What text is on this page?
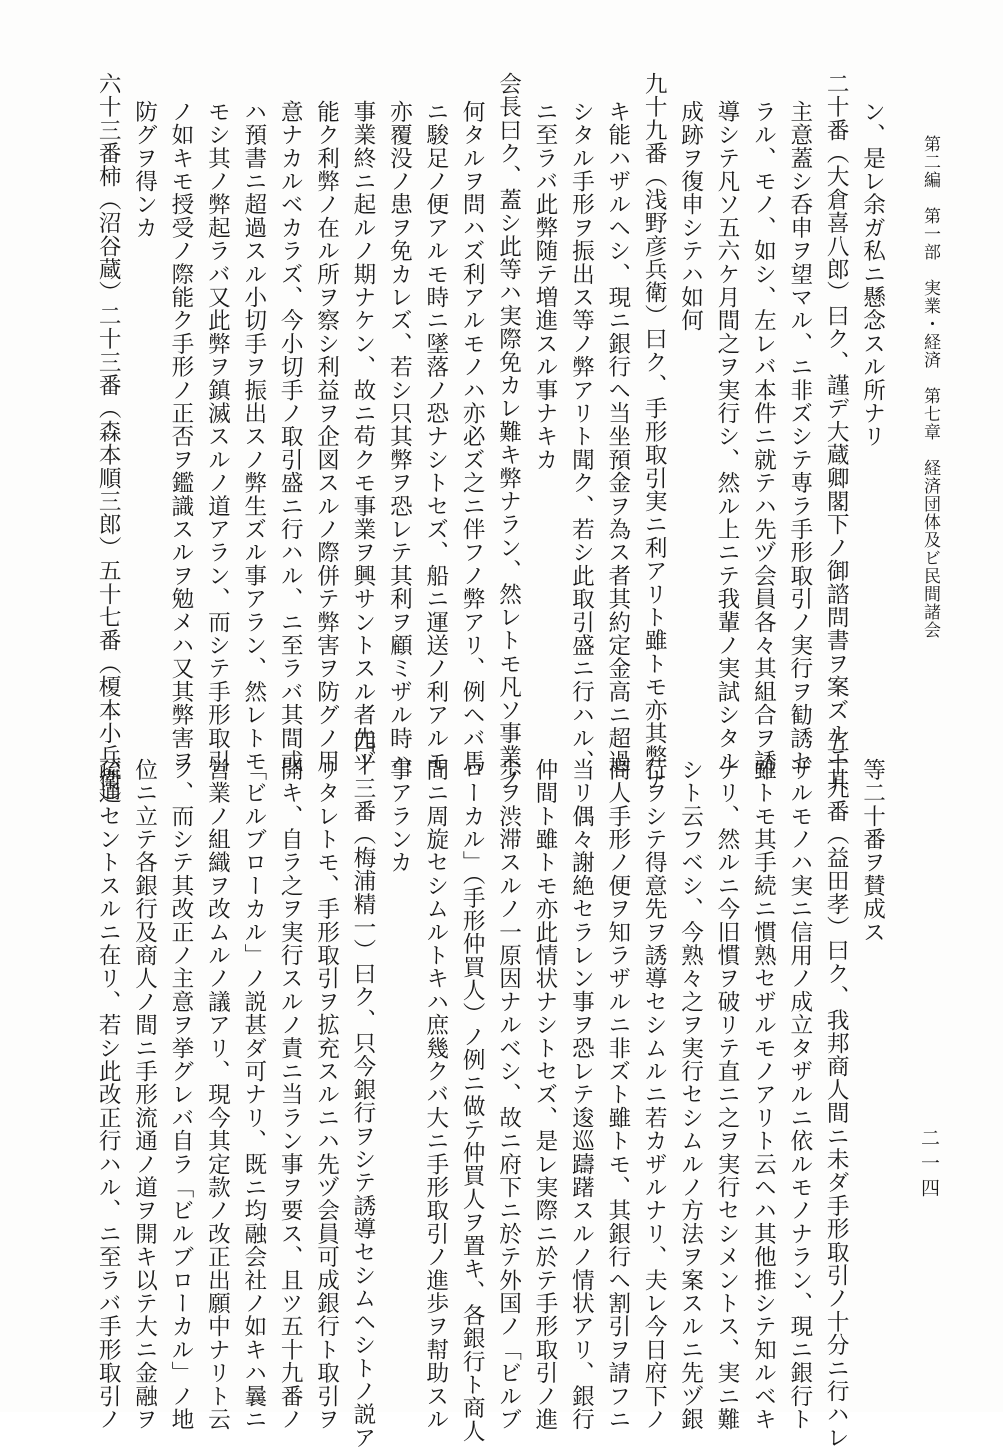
第二編　第一部　実業・経済　第七章　経済団体及ビ民間諸会
二一四
ン、是レ余ガ私ニ懸念スル所ナリ
二十番（大倉喜八郎）曰ク、謹デ大蔵卿閣下ノ御諮問書ヲ案ズルニ其
主意蓋シ呑申ヲ望マル、ニ非ズシテ専ラ手形取引ノ実行ヲ勧誘セ
ラル、モノ、如シ、左レバ本件ニ就テハ先ヅ会員各々其組合ヲ誘
導シテ凡ソ五六ケ月間之ヲ実行シ、然ル上ニテ我輩ノ実試シタル
成跡ヲ復申シテハ如何
九十九番（浅野彦兵衛）曰ク、手形取引実ニ利アリト雖トモ亦其弊ナ
キ能ハザルヘシ、現ニ銀行ヘ当坐預金ヲ為ス者其約定金高ニ超過
シタル手形ヲ振出ス等ノ弊アリト聞ク、若シ此取引盛ニ行ハル、
ニ至ラバ此弊随テ増進スル事ナキカ
会長曰ク、蓋シ此等ハ実際免カレ難キ弊ナラン、然レトモ凡ソ事業ノ
何タルヲ問ハズ利アルモノハ亦必ズ之ニ伴フノ弊アリ、例ヘバ馬
ニ駿足ノ便アルモ時ニ墜落ノ恐ナシトセズ、船ニ運送ノ利アルモ
亦覆没ノ患ヲ免カレズ、若シ只其弊ヲ恐レテ其利ヲ顧ミザル時ハ
事業終ニ起ルノ期ナケン、故ニ苟クモ事業ヲ興サントスル者先ヅ
能ク利弊ノ在ル所ヲ察シ利益ヲ企図スルノ際併テ弊害ヲ防グノ用
意ナカルベカラズ、今小切手ノ取引盛ニ行ハル、ニ至ラバ其間或
ハ預書ニ超過スル小切手ヲ振出スノ弊生ズル事アラン、然レトモ
モシ其ノ弊起ラバ又此弊ヲ鎮滅スルノ道アラン、而シテ手形取引
ノ如キモ授受ノ際能ク手形ノ正否ヲ鑑識スルヲ勉メハ又其弊害ヲ
防グヲ得ンカ
六十三番柿（沼谷蔵）二十三番（森本順三郎）五十七番（榎本小兵衛）
等二十番ヲ賛成ス
五十九番（益田孝）曰ク、我邦商人間ニ未ダ手形取引ノ十分ニ行ハレ
ザルモノハ実ニ信用ノ成立タザルニ依ルモノナラン、現ニ銀行ト
雖トモ其手続ニ慣熟セザルモノアリト云ヘハ其他推シテ知ルベキ
ナリ、然ルニ今旧慣ヲ破リテ直ニ之ヲ実行セシメントス、実ニ難
シト云フベシ、今熟々之ヲ実行セシムルノ方法ヲ案スルニ先ヅ銀
行ヲシテ得意先ヲ誘導セシムルニ若カザルナリ、夫レ今日府下ノ
商人手形ノ便ヲ知ラザルニ非ズト雖トモ、其銀行ヘ割引ヲ請フニ
当リ偶々謝絶セラレン事ヲ恐レテ逡巡躊躇スルノ情状アリ、銀行
仲間ト雖トモ亦此情状ナシトセズ、是レ実際ニ於テ手形取引ノ進
歩ヲ渋滞スルノ一原因ナルベシ、故ニ府下ニ於テ外国ノ「ビルブ
ローカル」（手形仲買人）ノ例ニ做テ仲買人ヲ置キ、各銀行ト商人
間ニ周旋セシムルトキハ庶幾クバ大ニ手形取引ノ進歩ヲ幇助スル
事アランカ
四十三番（梅浦精一）曰ク、只今銀行ヲシテ誘導セシムヘシトノ説ア
リタレトモ、手形取引ヲ拡充スルニハ先ヅ会員可成銀行ト取引ヲ
開キ、自ラ之ヲ実行スルノ責ニ当ラン事ヲ要ス、且ツ五十九番ノ
「ビルブローカル」ノ説甚ダ可ナリ、既ニ均融会社ノ如キハ曩ニ
営業ノ組織ヲ改ムルノ議アリ、現今其定款ノ改正出願中ナリト云
フ、而シテ其改正ノ主意ヲ挙グレバ自ラ「ビルブローカル」ノ地
位ニ立テ各銀行及商人ノ間ニ手形流通ノ道ヲ開キ以テ大ニ金融ヲ
疏通セントスルニ在リ、若シ此改正行ハル、ニ至ラバ手形取引ノ
